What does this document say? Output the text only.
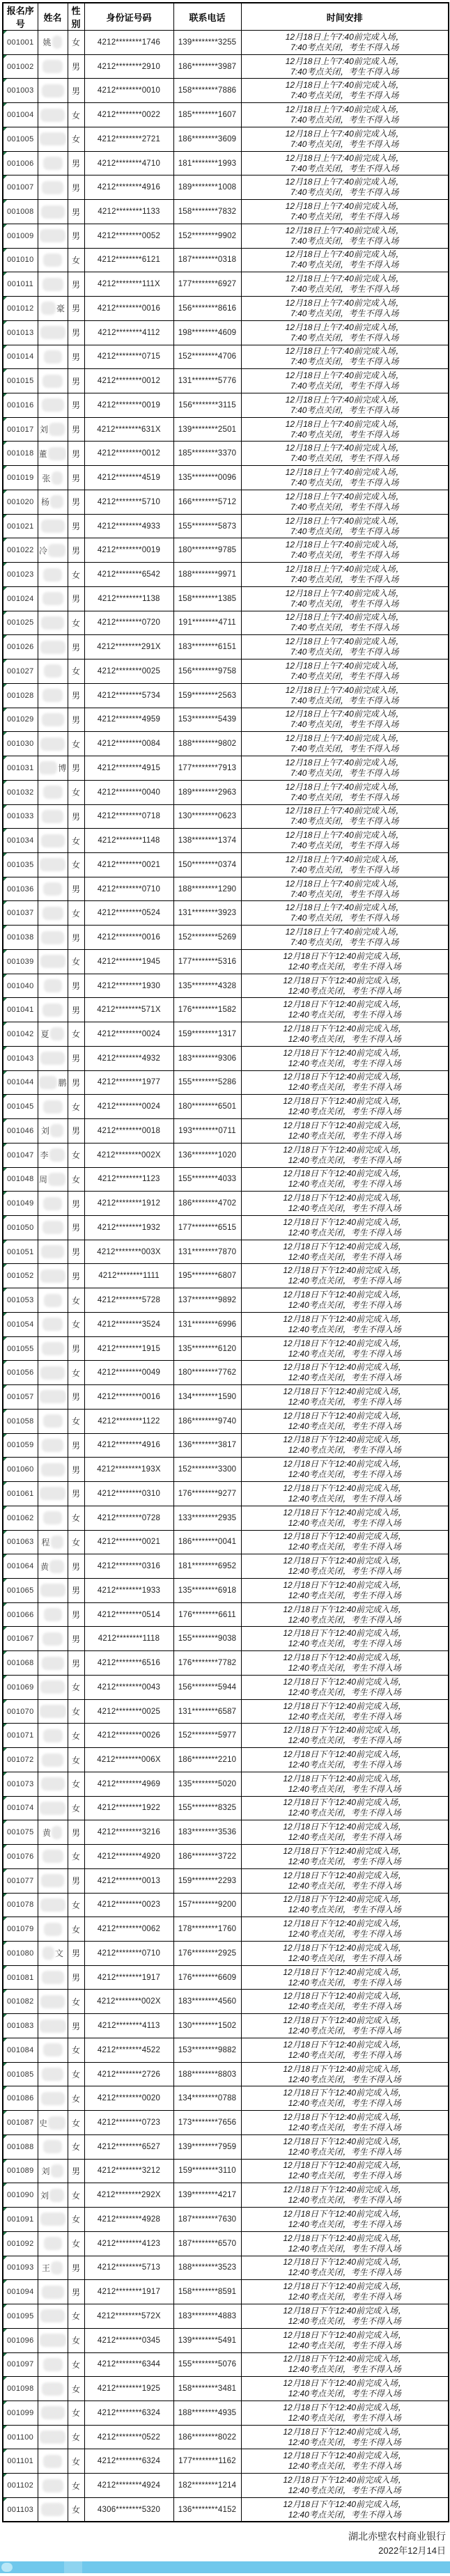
报名序号	姓名	性别	身份证号码	联系电话	时间安排

001001	姚	女	4212********1746	139********3255	12月18日上午7:40前完成入场，
7:40考点关闭，考生不得入场

001002		男	4212********2910	186********3987	12月18日上午7:40前完成入场，
7:40考点关闭，考生不得入场

001003		男	4212********0010	158********7886	12月18日上午7:40前完成入场，
7:40考点关闭，考生不得入场

001004		女	4212********0022	185********1607	12月18日上午7:40前完成入场，
7:40考点关闭，考生不得入场

001005		女	4212********2721	186********3609	12月18日上午7:40前完成入场，
7:40考点关闭，考生不得入场

001006		男	4212********4710	181********1993	12月18日上午7:40前完成入场，
7:40考点关闭，考生不得入场

001007		男	4212********4916	189********1008	12月18日上午7:40前完成入场，
7:40考点关闭，考生不得入场

001008		男	4212********1133	158********7832	12月18日上午7:40前完成入场，
7:40考点关闭，考生不得入场

001009		男	4212********0052	152********9902	12月18日上午7:40前完成入场，
7:40考点关闭，考生不得入场

001010		女	4212********6121	187********0318	12月18日上午7:40前完成入场，
7:40考点关闭，考生不得入场

001011		男	4212********111X	177********6927	12月18日上午7:40前完成入场，
7:40考点关闭，考生不得入场

001012	豪	男	4212********0016	156********8616	12月18日上午7:40前完成入场，
7:40考点关闭，考生不得入场

001013		男	4212********4112	198********4609	12月18日上午7:40前完成入场，
7:40考点关闭，考生不得入场

001014		男	4212********0715	152********4706	12月18日上午7:40前完成入场，
7:40考点关闭，考生不得入场

001015		男	4212********0012	131********5776	12月18日上午7:40前完成入场，
7:40考点关闭，考生不得入场

001016		男	4212********0019	156********3115	12月18日上午7:40前完成入场，
7:40考点关闭，考生不得入场

001017	刘	男	4212********631X	139********2501	12月18日上午7:40前完成入场，
7:40考点关闭，考生不得入场

001018	董	男	4212********0012	185********3370	12月18日上午7:40前完成入场，
7:40考点关闭，考生不得入场

001019	张	男	4212********4519	135********0096	12月18日上午7:40前完成入场，
7:40考点关闭，考生不得入场

001020	杨	男	4212********5710	166********5712	12月18日上午7:40前完成入场，
7:40考点关闭，考生不得入场

001021		男	4212********4933	155********5873	12月18日上午7:40前完成入场，
7:40考点关闭，考生不得入场

001022	冷	男	4212********0019	180********9785	12月18日上午7:40前完成入场，
7:40考点关闭，考生不得入场

001023		女	4212********6542	188********9971	12月18日上午7:40前完成入场，
7:40考点关闭，考生不得入场

001024		男	4212********1138	158********1385	12月18日上午7:40前完成入场，
7:40考点关闭，考生不得入场

001025		女	4212********0720	191********4711	12月18日上午7:40前完成入场，
7:40考点关闭，考生不得入场

001026		男	4212********291X	183********6151	12月18日上午7:40前完成入场，
7:40考点关闭，考生不得入场

001027		女	4212********0025	156********9758	12月18日上午7:40前完成入场，
7:40考点关闭，考生不得入场

001028		男	4212********5734	159********2563	12月18日上午7:40前完成入场，
7:40考点关闭，考生不得入场

001029		男	4212********4959	153********5439	12月18日上午7:40前完成入场，
7:40考点关闭，考生不得入场

001030		女	4212********0084	188********9802	12月18日上午7:40前完成入场，
7:40考点关闭，考生不得入场

001031	博	男	4212********4915	177********7913	12月18日上午7:40前完成入场，
7:40考点关闭，考生不得入场

001032		女	4212********0040	189********2963	12月18日上午7:40前完成入场，
7:40考点关闭，考生不得入场

001033		男	4212********0718	130********0623	12月18日上午7:40前完成入场，
7:40考点关闭，考生不得入场

001034		女	4212********1148	138********1374	12月18日上午7:40前完成入场，
7:40考点关闭，考生不得入场

001035		女	4212********0021	150********0374	12月18日上午7:40前完成入场，
7:40考点关闭，考生不得入场

001036		男	4212********0710	188********1290	12月18日上午7:40前完成入场，
7:40考点关闭，考生不得入场

001037		女	4212********0524	131********3923	12月18日上午7:40前完成入场，
7:40考点关闭，考生不得入场

001038		男	4212********0016	152********5269	12月18日上午7:40前完成入场，
7:40考点关闭，考生不得入场

001039		女	4212********1945	177********5316	12月18日下午12:40前完成入场，
12:40考点关闭，考生不得入场

001040		男	4212********1930	135********4328	12月18日下午12:40前完成入场，
12:40考点关闭，考生不得入场

001041		男	4212********571X	176********1582	12月18日下午12:40前完成入场，
12:40考点关闭，考生不得入场

001042	夏	女	4212********0024	159********1317	12月18日下午12:40前完成入场，
12:40考点关闭，考生不得入场

001043		男	4212********4932	183********9306	12月18日下午12:40前完成入场，
12:40考点关闭，考生不得入场

001044	鹏	男	4212********1977	155********5286	12月18日下午12:40前完成入场，
12:40考点关闭，考生不得入场

001045		女	4212********0024	180********6501	12月18日下午12:40前完成入场，
12:40考点关闭，考生不得入场

001046	刘	男	4212********0018	193********0711	12月18日下午12:40前完成入场，
12:40考点关闭，考生不得入场

001047	李	女	4212********002X	136********1020	12月18日下午12:40前完成入场，
12:40考点关闭，考生不得入场

001048	周	女	4212********1123	155********4033	12月18日下午12:40前完成入场，
12:40考点关闭，考生不得入场

001049		男	4212********1912	186********4702	12月18日下午12:40前完成入场，
12:40考点关闭，考生不得入场

001050		男	4212********1932	177********6515	12月18日下午12:40前完成入场，
12:40考点关闭，考生不得入场

001051		男	4212********003X	131********7870	12月18日下午12:40前完成入场，
12:40考点关闭，考生不得入场

001052		男	4212********1111	195********6807	12月18日下午12:40前完成入场，
12:40考点关闭，考生不得入场

001053		女	4212********5728	137********9892	12月18日下午12:40前完成入场，
12:40考点关闭，考生不得入场

001054		女	4212********3524	131********6996	12月18日下午12:40前完成入场，
12:40考点关闭，考生不得入场

001055		男	4212********1915	135********6120	12月18日下午12:40前完成入场，
12:40考点关闭，考生不得入场

001056		女	4212********0049	180********7762	12月18日下午12:40前完成入场，
12:40考点关闭，考生不得入场

001057		男	4212********0016	134********1590	12月18日下午12:40前完成入场，
12:40考点关闭，考生不得入场

001058		女	4212********1122	186********9740	12月18日下午12:40前完成入场，
12:40考点关闭，考生不得入场

001059		男	4212********4916	136********3817	12月18日下午12:40前完成入场，
12:40考点关闭，考生不得入场

001060		男	4212********193X	152********3300	12月18日下午12:40前完成入场，
12:40考点关闭，考生不得入场

001061		男	4212********0310	176********9277	12月18日下午12:40前完成入场，
12:40考点关闭，考生不得入场

001062		女	4212********0728	133********2935	12月18日下午12:40前完成入场，
12:40考点关闭，考生不得入场

001063	程	女	4212********0021	186********0041	12月18日下午12:40前完成入场，
12:40考点关闭，考生不得入场

001064	黄	男	4212********0316	181********6952	12月18日下午12:40前完成入场，
12:40考点关闭，考生不得入场

001065		男	4212********1933	135********6918	12月18日下午12:40前完成入场，
12:40考点关闭，考生不得入场

001066		男	4212********0514	176********6611	12月18日下午12:40前完成入场，
12:40考点关闭，考生不得入场

001067		男	4212********1118	155********9038	12月18日下午12:40前完成入场，
12:40考点关闭，考生不得入场

001068		男	4212********6516	176********7782	12月18日下午12:40前完成入场，
12:40考点关闭，考生不得入场

001069		女	4212********0043	156********5944	12月18日下午12:40前完成入场，
12:40考点关闭，考生不得入场

001070		女	4212********0025	131********6587	12月18日下午12:40前完成入场，
12:40考点关闭，考生不得入场

001071		女	4212********0026	152********5977	12月18日下午12:40前完成入场，
12:40考点关闭，考生不得入场

001072		女	4212********006X	186********2210	12月18日下午12:40前完成入场，
12:40考点关闭，考生不得入场

001073		女	4212********4969	135********5020	12月18日下午12:40前完成入场，
12:40考点关闭，考生不得入场

001074		女	4212********1922	155********8325	12月18日下午12:40前完成入场，
12:40考点关闭，考生不得入场

001075	黄	男	4212********3216	183********3536	12月18日下午12:40前完成入场，
12:40考点关闭，考生不得入场

001076		女	4212********4920	186********3722	12月18日下午12:40前完成入场，
12:40考点关闭，考生不得入场

001077		男	4212********0013	159********2293	12月18日下午12:40前完成入场，
12:40考点关闭，考生不得入场

001078		女	4212********0023	157********9200	12月18日下午12:40前完成入场，
12:40考点关闭，考生不得入场

001079		女	4212********0062	178********1760	12月18日下午12:40前完成入场，
12:40考点关闭，考生不得入场

001080	文	男	4212********0710	176********2925	12月18日下午12:40前完成入场，
12:40考点关闭，考生不得入场

001081		男	4212********1917	176********6609	12月18日下午12:40前完成入场，
12:40考点关闭，考生不得入场

001082		女	4212********002X	183********4560	12月18日下午12:40前完成入场，
12:40考点关闭，考生不得入场

001083		男	4212********4113	130********1502	12月18日下午12:40前完成入场，
12:40考点关闭，考生不得入场

001084		女	4212********4522	153********9882	12月18日下午12:40前完成入场，
12:40考点关闭，考生不得入场

001085		女	4212********2726	188********8803	12月18日下午12:40前完成入场，
12:40考点关闭，考生不得入场

001086		女	4212********0020	134********0788	12月18日下午12:40前完成入场，
12:40考点关闭，考生不得入场

001087	史	女	4212********0723	173********7656	12月18日下午12:40前完成入场，
12:40考点关闭，考生不得入场

001088		女	4212********6527	139********7959	12月18日下午12:40前完成入场，
12:40考点关闭，考生不得入场

001089	刘	男	4212********3212	159********3110	12月18日下午12:40前完成入场，
12:40考点关闭，考生不得入场

001090	刘	女	4212********292X	139********4217	12月18日下午12:40前完成入场，
12:40考点关闭，考生不得入场

001091		女	4212********4928	187********7630	12月18日下午12:40前完成入场，
12:40考点关闭，考生不得入场

001092		女	4212********4123	187********6570	12月18日下午12:40前完成入场，
12:40考点关闭，考生不得入场

001093	王	男	4212********5713	188********3523	12月18日下午12:40前完成入场，
12:40考点关闭，考生不得入场

001094		男	4212********1917	158********8591	12月18日下午12:40前完成入场，
12:40考点关闭，考生不得入场

001095		女	4212********572X	183********4883	12月18日下午12:40前完成入场，
12:40考点关闭，考生不得入场

001096		女	4212********0345	139********5491	12月18日下午12:40前完成入场，
12:40考点关闭，考生不得入场

001097		女	4212********6344	155********5076	12月18日下午12:40前完成入场，
12:40考点关闭，考生不得入场

001098		女	4212********1925	158********3481	12月18日下午12:40前完成入场，
12:40考点关闭，考生不得入场

001099		女	4212********6324	188********4935	12月18日下午12:40前完成入场，
12:40考点关闭，考生不得入场

001100		女	4212********0522	186********8022	12月18日下午12:40前完成入场，
12:40考点关闭，考生不得入场

001101		女	4212********6324	177********1162	12月18日下午12:40前完成入场，
12:40考点关闭，考生不得入场

001102		女	4212********4924	182********1214	12月18日下午12:40前完成入场，
12:40考点关闭，考生不得入场

001103		女	4306********5320	136********4152	12月18日下午12:40前完成入场，
12:40考点关闭，考生不得入场
湖北赤壁农村商业银行
2022年12月14日
